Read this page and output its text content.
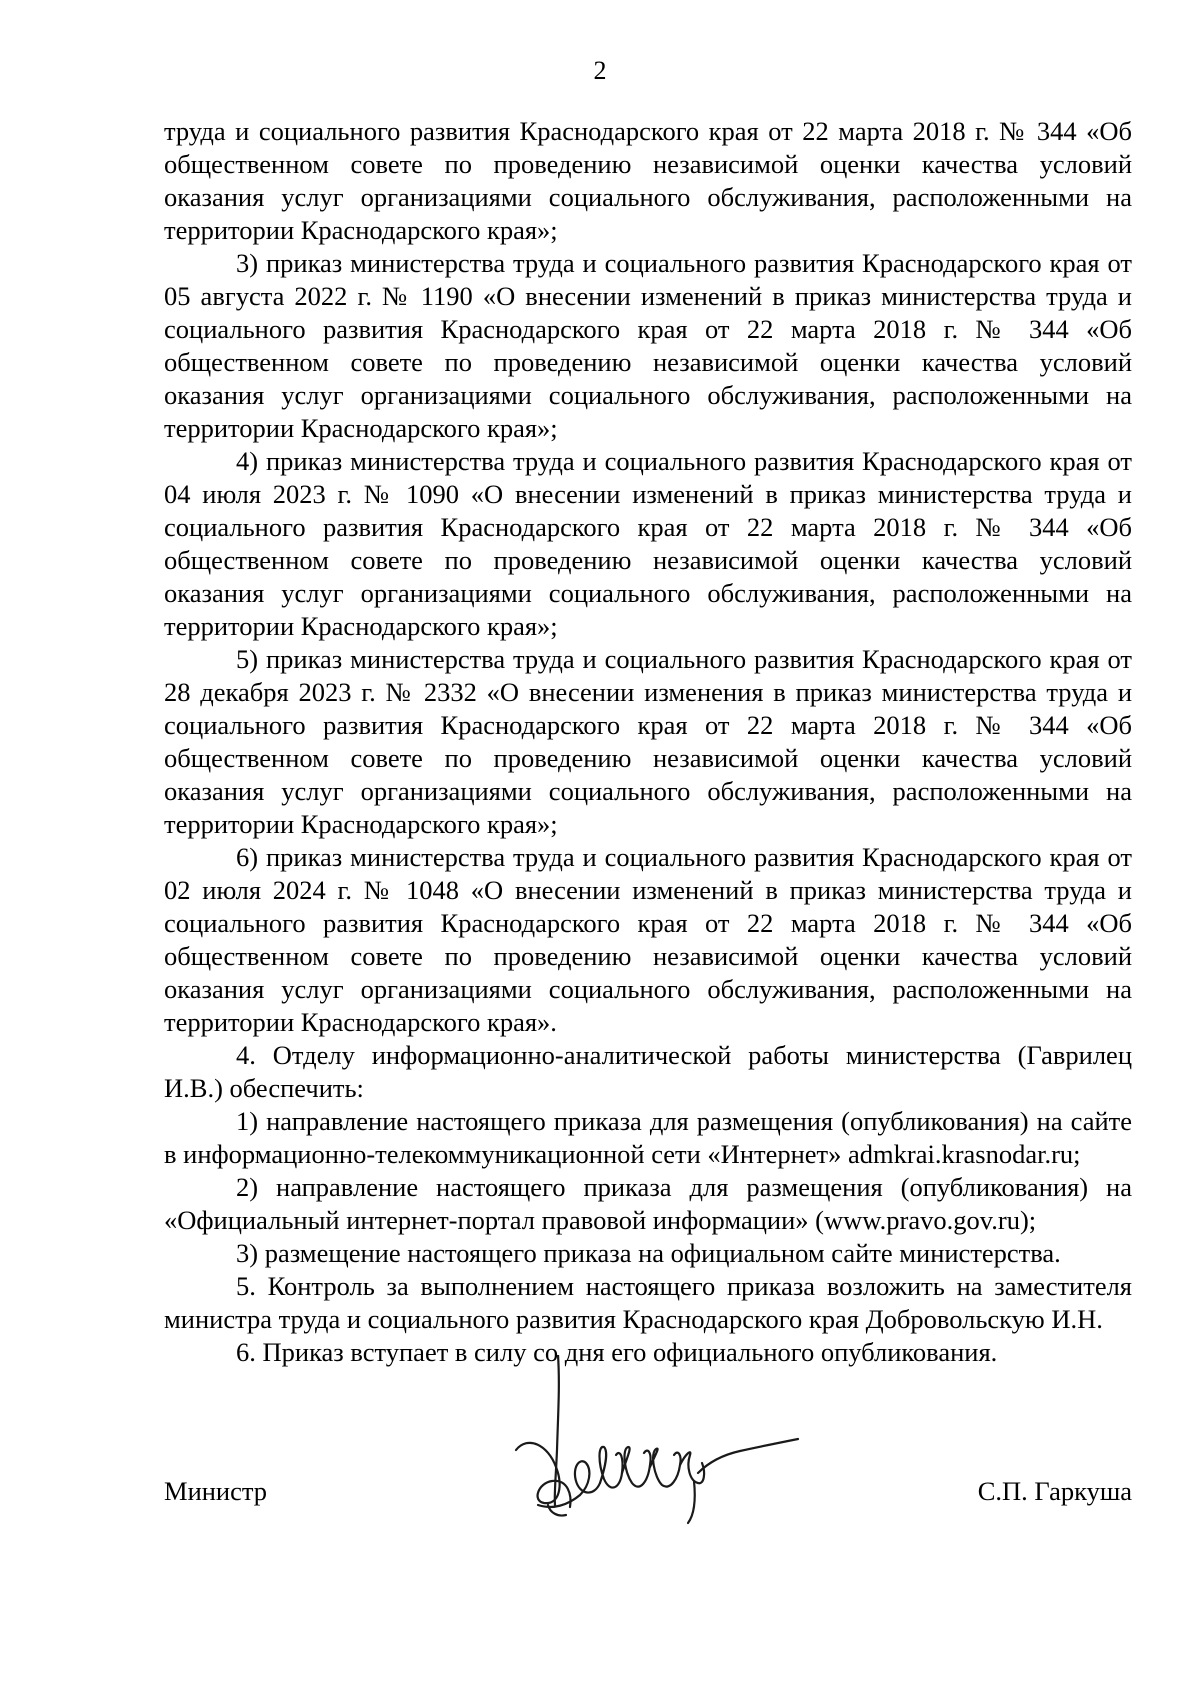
2

труда и социального развития Краснодарского края от 22 марта 2018 г. № 344 «Об общественном совете по проведению независимой оценки качества условий оказания услуг организациями социального обслуживания, расположенными на территории Краснодарского края»;

3) приказ министерства труда и социального развития Краснодарского края от 05 августа 2022 г. № 1190 «О внесении изменений в приказ министерства труда и социального развития Краснодарского края от 22 марта 2018 г. № 344 «Об общественном совете по проведению независимой оценки качества условий оказания услуг организациями социального обслуживания, расположенными на территории Краснодарского края»;

4) приказ министерства труда и социального развития Краснодарского края от 04 июля 2023 г. № 1090 «О внесении изменений в приказ министерства труда и социального развития Краснодарского края от 22 марта 2018 г. № 344 «Об общественном совете по проведению независимой оценки качества условий оказания услуг организациями социального обслуживания, расположенными на территории Краснодарского края»;

5) приказ министерства труда и социального развития Краснодарского края от 28 декабря 2023 г. № 2332 «О внесении изменения в приказ министерства труда и социального развития Краснодарского края от 22 марта 2018 г. № 344 «Об общественном совете по проведению независимой оценки качества условий оказания услуг организациями социального обслуживания, расположенными на территории Краснодарского края»;

6) приказ министерства труда и социального развития Краснодарского края от 02 июля 2024 г. № 1048 «О внесении изменений в приказ министерства труда и социального развития Краснодарского края от 22 марта 2018 г. № 344 «Об общественном совете по проведению независимой оценки качества условий оказания услуг организациями социального обслуживания, расположенными на территории Краснодарского края».

4. Отделу информационно-аналитической работы министерства (Гаврилец И.В.) обеспечить:

1) направление настоящего приказа для размещения (опубликования) на сайте в информационно-телекоммуникационной сети «Интернет» admkrai.krasnodar.ru;

2) направление настоящего приказа для размещения (опубликования) на «Официальный интернет-портал правовой информации» (www.pravo.gov.ru);

3) размещение настоящего приказа на официальном сайте министерства.

5. Контроль за выполнением настоящего приказа возложить на заместителя министра труда и социального развития Краснодарского края Добровольскую И.Н.

6. Приказ вступает в силу со дня его официального опубликования.

Министр	С.П. Гаркуша
